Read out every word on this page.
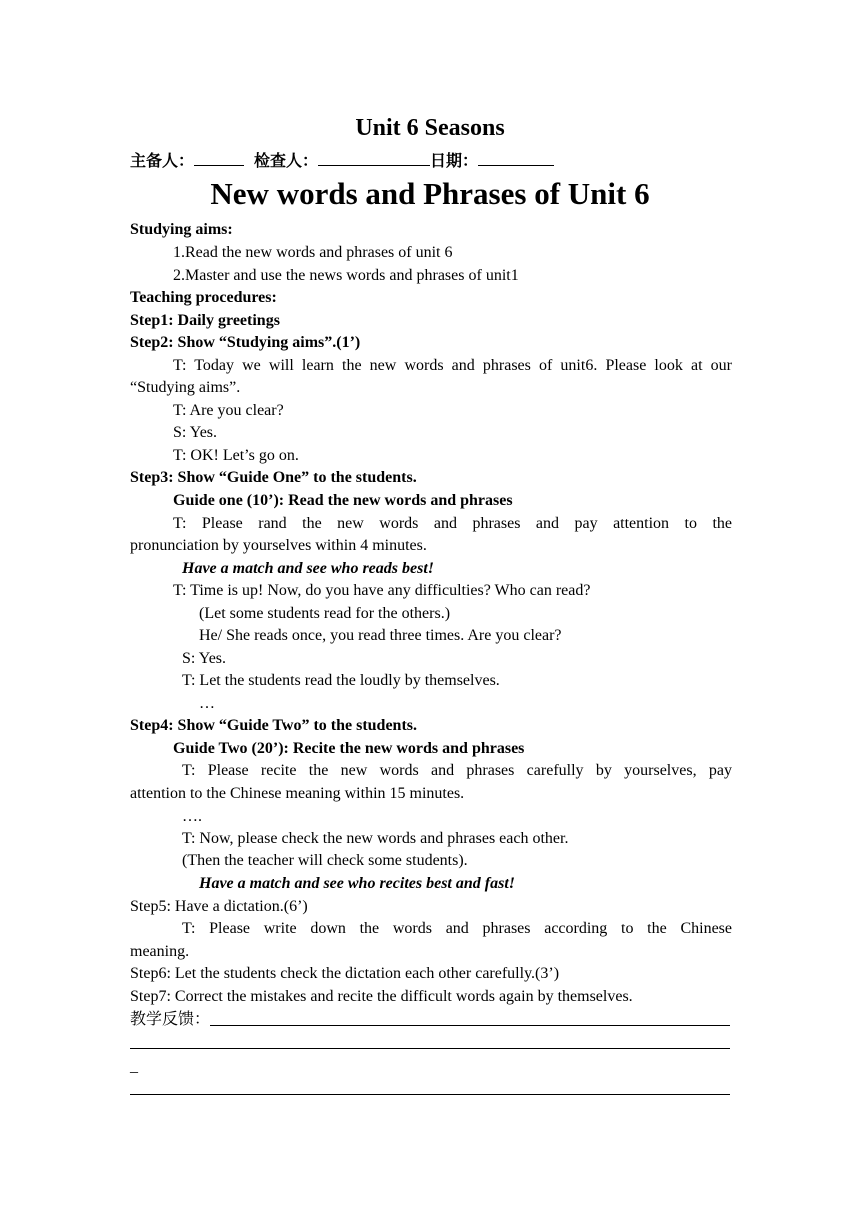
Unit 6 Seasons
主备人：	检查人：	日期：
New words and Phrases of Unit 6
Studying aims:
1.Read the new words and phrases of unit 6
2.Master and use the news words and phrases of unit1
Teaching procedures:
Step1: Daily greetings
Step2: Show “Studying aims”.(1’)
T: Today we will learn the new words and phrases of unit6. Please look at our
“Studying aims”.
T: Are you clear?
S: Yes.
T: OK! Let’s go on.
Step3: Show “Guide One” to the students.
Guide one (10’): Read the new words and phrases
T: Please rand the new words and phrases and pay attention to the
pronunciation by yourselves within 4 minutes.
Have a match and see who reads best!
T: Time is up! Now, do you have any difficulties? Who can read?
(Let some students read for the others.)
He/ She reads once, you read three times. Are you clear?
S: Yes.
T: Let the students read the loudly by themselves.
…
Step4: Show “Guide Two” to the students.
Guide Two (20’): Recite the new words and phrases
T: Please recite the new words and phrases carefully by yourselves, pay
attention to the Chinese meaning within 15 minutes.
….
T: Now, please check the new words and phrases each other.
(Then the teacher will check some students).
Have a match and see who recites best and fast!
Step5: Have a dictation.(6’)
T: Please write down the words and phrases according to the Chinese
meaning.
Step6: Let the students check the dictation each other carefully.(3’)
Step7: Correct the mistakes and recite the difficult words again by themselves.
教学反馈：
_
